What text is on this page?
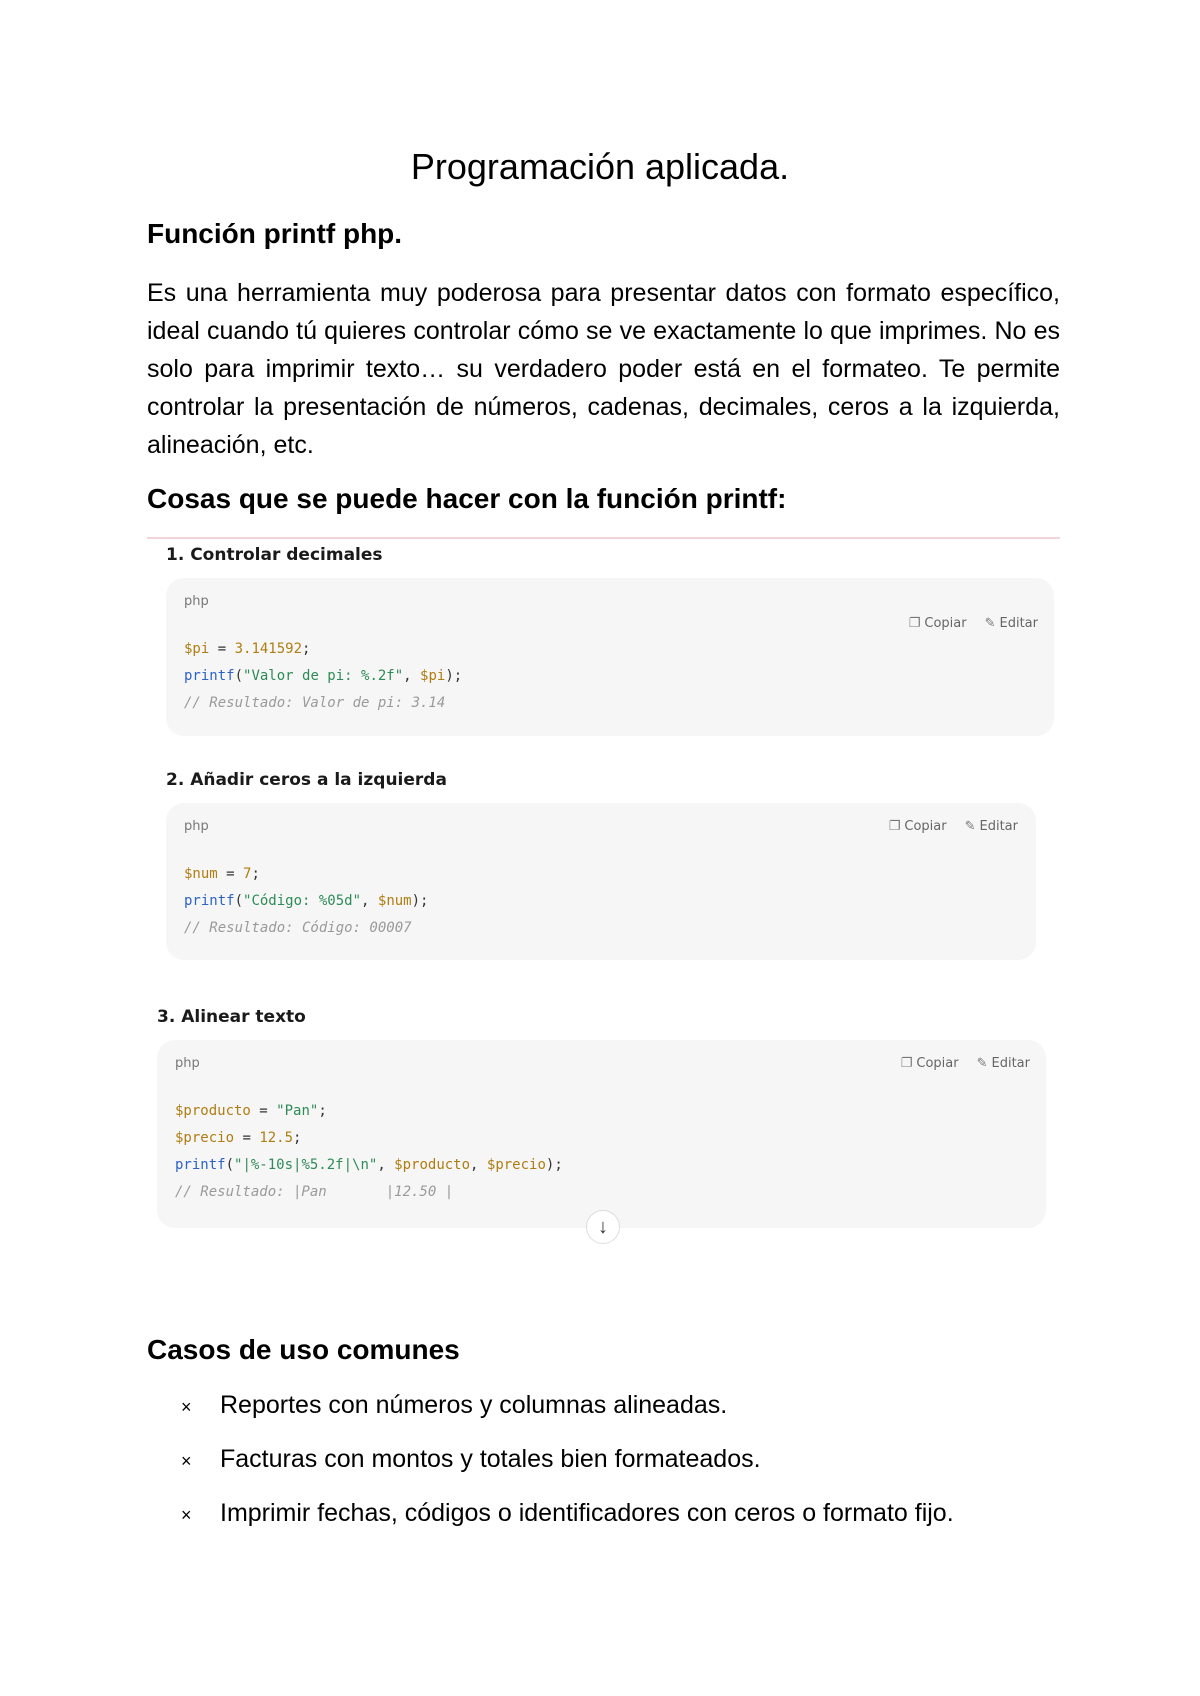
Programación aplicada.
Función printf php.

Es una herramienta muy poderosa para presentar datos con formato específico, ideal cuando tú quieres controlar cómo se ve exactamente lo que imprimes. No es solo para imprimir texto… su verdadero poder está en el formateo. Te permite controlar la presentación de números, cadenas, decimales, ceros a la izquierda, alineación, etc.

Cosas que se puede hacer con la función printf:
1. Controlar decimales
php
❐ Copiar ✎ Editar
$pi = 3.141592;
printf("Valor de pi: %.2f", $pi);
// Resultado: Valor de pi: 3.14
2. Añadir ceros a la izquierda
php	❐ Copiar ✎ Editar
$num = 7;
printf("Código: %05d", $num);
// Resultado: Código: 00007
3. Alinear texto
php	❐ Copiar ✎ Editar
$producto = "Pan";
$precio = 12.5;
printf("|%-10s|%5.2f|\n", $producto, $precio);
// Resultado: |Pan       |12.50 |
↓
Casos de uso comunes
× Reportes con números y columnas alineadas.
× Facturas con montos y totales bien formateados.
× Imprimir fechas, códigos o identificadores con ceros o formato fijo.
